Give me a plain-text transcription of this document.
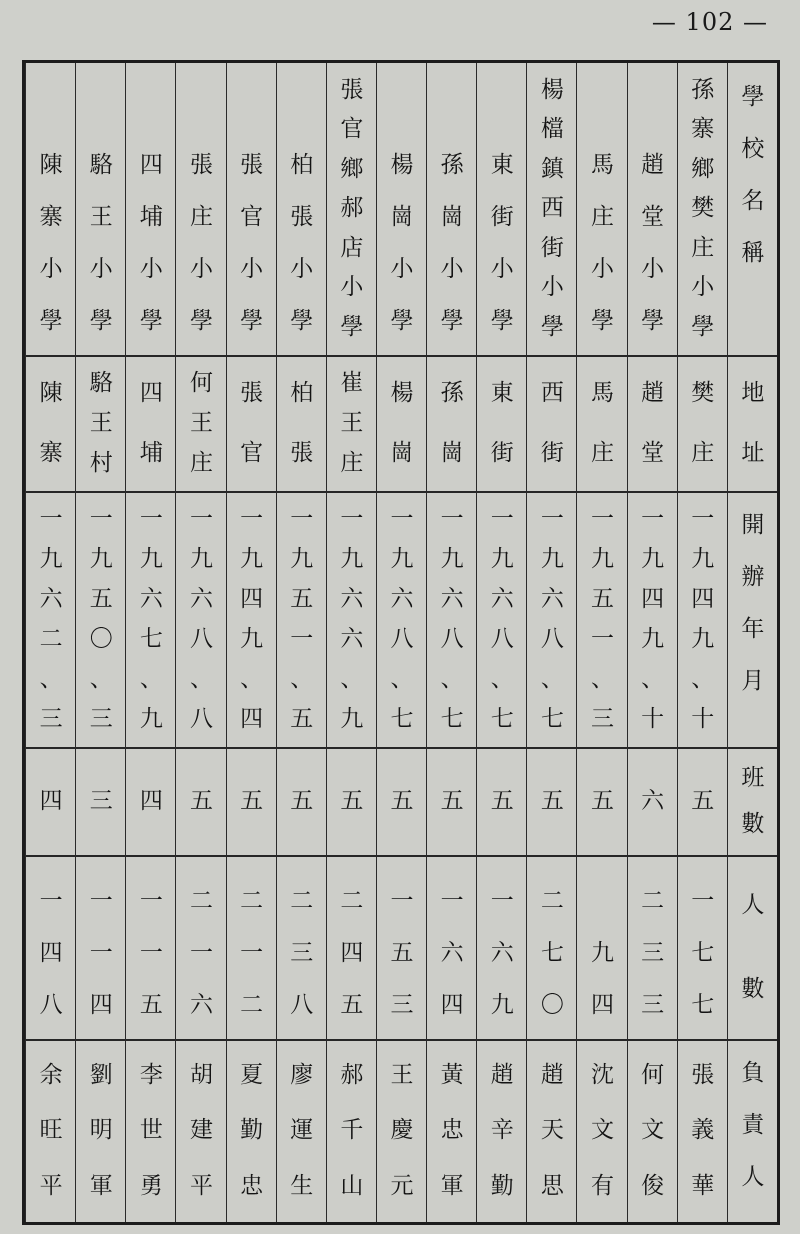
— 102 —
學
校
名
稱
地
址
開
辦
年
月
班
數
人
數
負
責
人
孫
寨
鄉
樊
庄
小
學
樊
庄
一
九
四
九
、
十
五
一
七
七
張
義
華
趙
堂
小
學
趙
堂
一
九
四
九
、
十
六
二
三
三
何
文
俊
馬
庄
小
學
馬
庄
一
九
五
一
、
三
五
九
四
沈
文
有
楊
檔
鎮
西
街
小
學
西
街
一
九
六
八
、
七
五
二
七
〇
趙
天
思
東
街
小
學
東
街
一
九
六
八
、
七
五
一
六
九
趙
辛
勤
孫
崗
小
學
孫
崗
一
九
六
八
、
七
五
一
六
四
黃
忠
軍
楊
崗
小
學
楊
崗
一
九
六
八
、
七
五
一
五
三
王
慶
元
張
官
鄉
郝
店
小
學
崔
王
庄
一
九
六
六
、
九
五
二
四
五
郝
千
山
柏
張
小
學
柏
張
一
九
五
一
、
五
五
二
三
八
廖
運
生
張
官
小
學
張
官
一
九
四
九
、
四
五
二
一
二
夏
勤
忠
張
庄
小
學
何
王
庄
一
九
六
八
、
八
五
二
一
六
胡
建
平
四
埔
小
學
四
埔
一
九
六
七
、
九
四
一
一
五
李
世
勇
駱
王
小
學
駱
王
村
一
九
五
〇
、
三
三
一
一
四
劉
明
軍
陳
寨
小
學
陳
寨
一
九
六
二
、
三
四
一
四
八
余
旺
平
